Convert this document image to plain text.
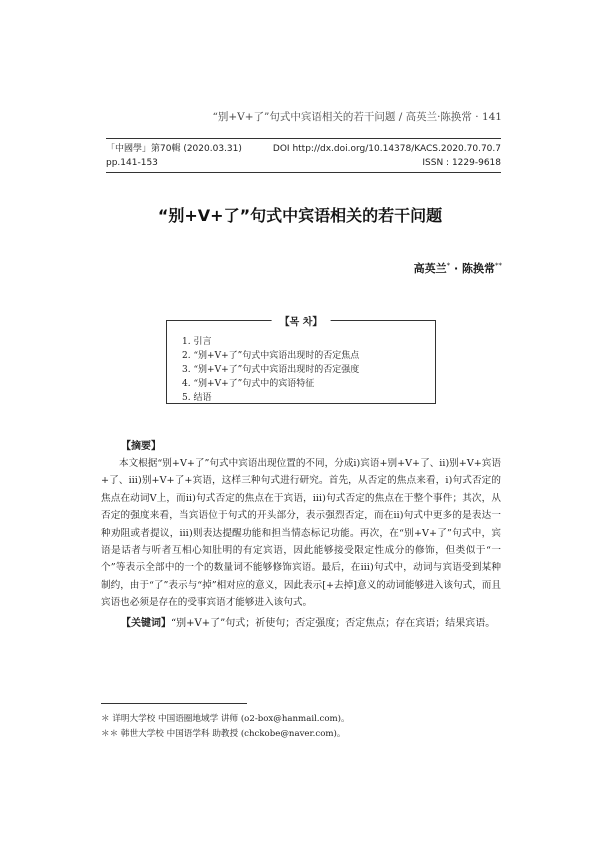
“别+V+了”句式中宾语相关的若干问题 / 高英兰·陈换常 · 141
「中國學」第70輯 (2020.03.31)	DOI http://dx.doi.org/10.14378/KACS.2020.70.70.7
pp.141-153	ISSN : 1229-9618
“别+V+了”句式中宾语相关的若干问题
高英兰* · 陈换常**
【목 차】
1. 引言
2. “别+V+了”句式中宾语出现时的否定焦点
3. “别+V+了”句式中宾语出现时的否定强度
4. “别+V+了”句式中的宾语特征
5. 结语
【摘要】

本文根据“别+V+了”句式中宾语出现位置的不同，分成ⅰ)宾语+别+V+了、ⅱ)别+V+宾语+了、ⅲ)别+V+了+宾语，这样三种句式进行研究。首先，从否定的焦点来看，ⅰ)句式否定的焦点在动词V上，而ⅱ)句式否定的焦点在于宾语，ⅲ)句式否定的焦点在于整个事件；其次，从否定的强度来看，当宾语位于句式的开头部分，表示强烈否定，而在ⅱ)句式中更多的是表达一种劝阻或者提议，ⅲ)则表达提醒功能和担当情态标记功能。再次，在“别+V+了”句式中，宾语是话者与听者互相心知肚明的有定宾语，因此能够接受限定性成分的修饰，但类似于“一个”等表示全部中的一个的数量词不能够修饰宾语。最后，在ⅲ)句式中，动词与宾语受到某种制约，由于“了”表示与“掉”相对应的意义，因此表示[+去掉]意义的动词能够进入该句式，而且宾语也必须是存在的受事宾语才能够进入该句式。

【关键词】“别+V+了”句式；祈使句；否定强度；否定焦点；存在宾语；结果宾语。
＊ 详明大学校 中国语圈地域学 讲师 (o2-box@hanmail.com)。
＊＊ 韩世大学校 中国语学科 助教授 (chckobe@naver.com)。
